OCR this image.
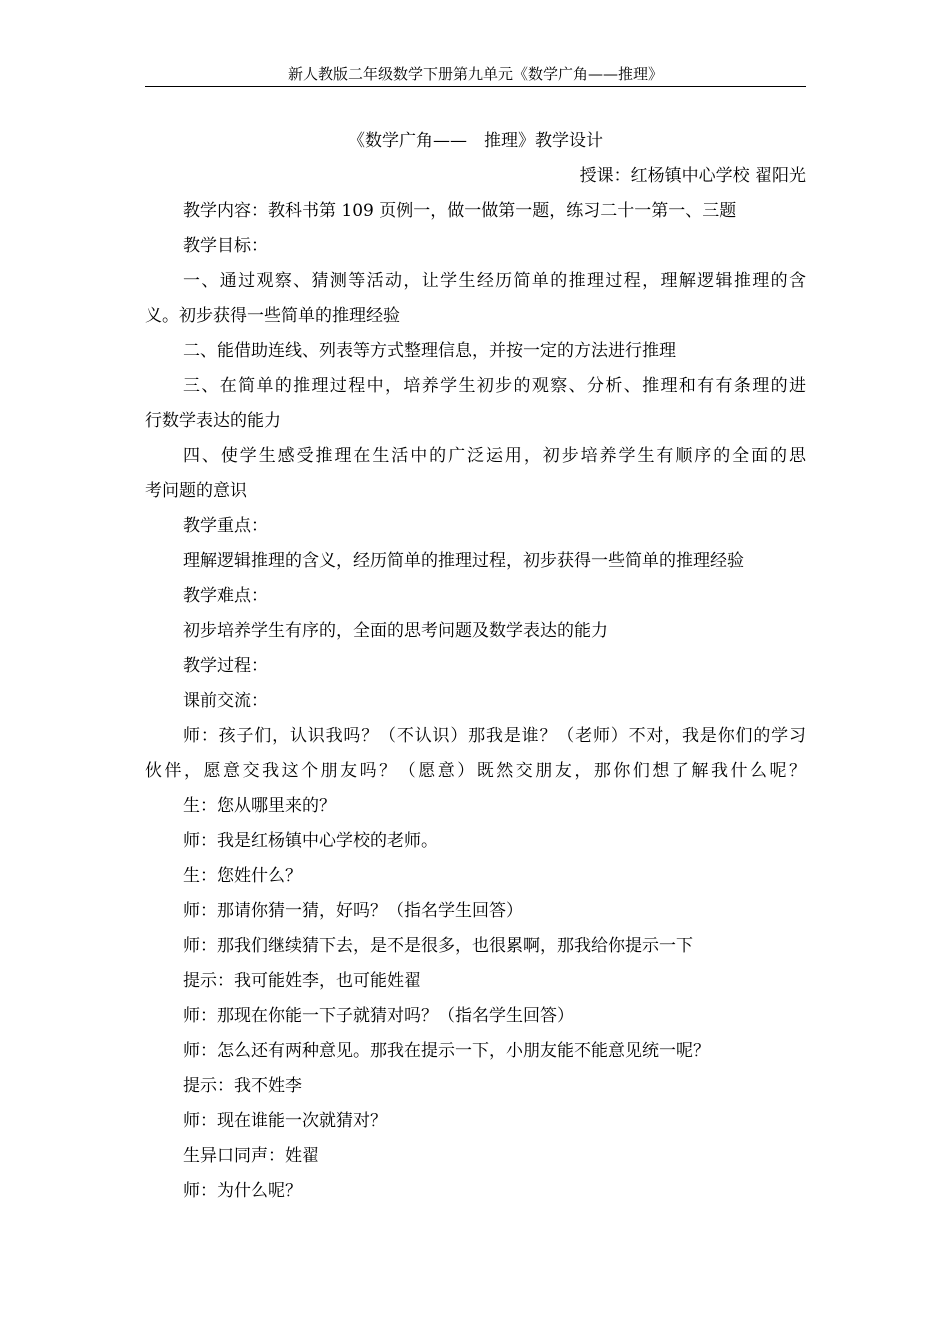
新人教版二年级数学下册第九单元《数学广角——推理》
《数学广角——　推理》教学设计
授课：红杨镇中心学校 翟阳光
教学内容：教科书第 109 页例一，做一做第一题，练习二十一第一、三题
教学目标：
一、通过观察、猜测等活动，让学生经历简单的推理过程，理解逻辑推理的含
义。初步获得一些简单的推理经验
二、能借助连线、列表等方式整理信息，并按一定的方法进行推理
三、在简单的推理过程中，培养学生初步的观察、分析、推理和有有条理的进
行数学表达的能力
四、使学生感受推理在生活中的广泛运用，初步培养学生有顺序的全面的思
考问题的意识
教学重点：
理解逻辑推理的含义，经历简单的推理过程，初步获得一些简单的推理经验
教学难点：
初步培养学生有序的，全面的思考问题及数学表达的能力
教学过程：
课前交流：
师：孩子们，认识我吗？（不认识）那我是谁？（老师）不对，我是你们的学习
伙伴，愿意交我这个朋友吗？（愿意）既然交朋友，那你们想了解我什么呢？
生：您从哪里来的？
师：我是红杨镇中心学校的老师。
生：您姓什么？
师：那请你猜一猜，好吗？（指名学生回答）
师：那我们继续猜下去，是不是很多，也很累啊，那我给你提示一下
提示：我可能姓李，也可能姓翟
师：那现在你能一下子就猜对吗？（指名学生回答）
师：怎么还有两种意见。那我在提示一下，小朋友能不能意见统一呢？
提示：我不姓李
师：现在谁能一次就猜对？
生异口同声：姓翟
师：为什么呢？
